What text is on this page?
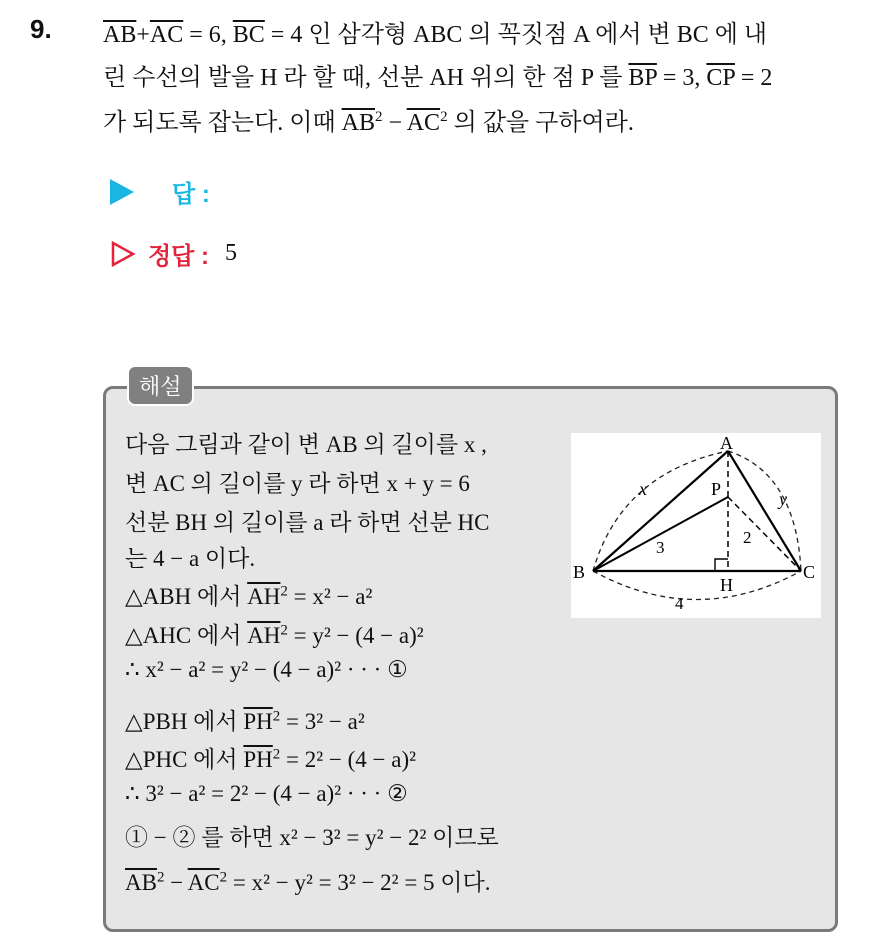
9. $\overline{AB}+\overline{AC} = 6$, $\overline{BC} = 4$ 인 삼각형 ABC 의 꼭짓점 A 에서 변 BC 에 내
린 수선의 발을 H 라 할 때, 선분 AH 위의 한 점 P 를 $\overline{BP} = 3$, $\overline{CP} = 2$
가 되도록 잡는다. 이때 $\overline{AB}^2 - \overline{AC}^2$ 의 값을 구하여라.
답 :
정답 : 5
해설
다음 그림과 같이 변 AB 의 길이를 x ,
변 AC 의 길이를 y 라 하면 x + y = 6
선분 BH 의 길이를 a 라 하면 선분 HC
는 4 − a 이다.
△ABH 에서 $\overline{AH}^2 = x^2 - a^2$
△AHC 에서 $\overline{AH}^2 = y^2 - (4 - a)^2$
∴ x² − a² = y² − (4 − a)² · · · ①
△PBH 에서 $\overline{PH}^2 = 3^2 - a^2$
△PHC 에서 $\overline{PH}^2 = 2^2 - (4 - a)^2$
∴ 3² − a² = 2² − (4 − a)² · · · ②
① − ② 를 하면 x² − 3² = y² − 2² 이므로
$\overline{AB}^2 - \overline{AC}^2 = x^2 - y^2 = 3^2 - 2^2 = 5$ 이다.
A
B	C
H
P
x	y
3
2
4
